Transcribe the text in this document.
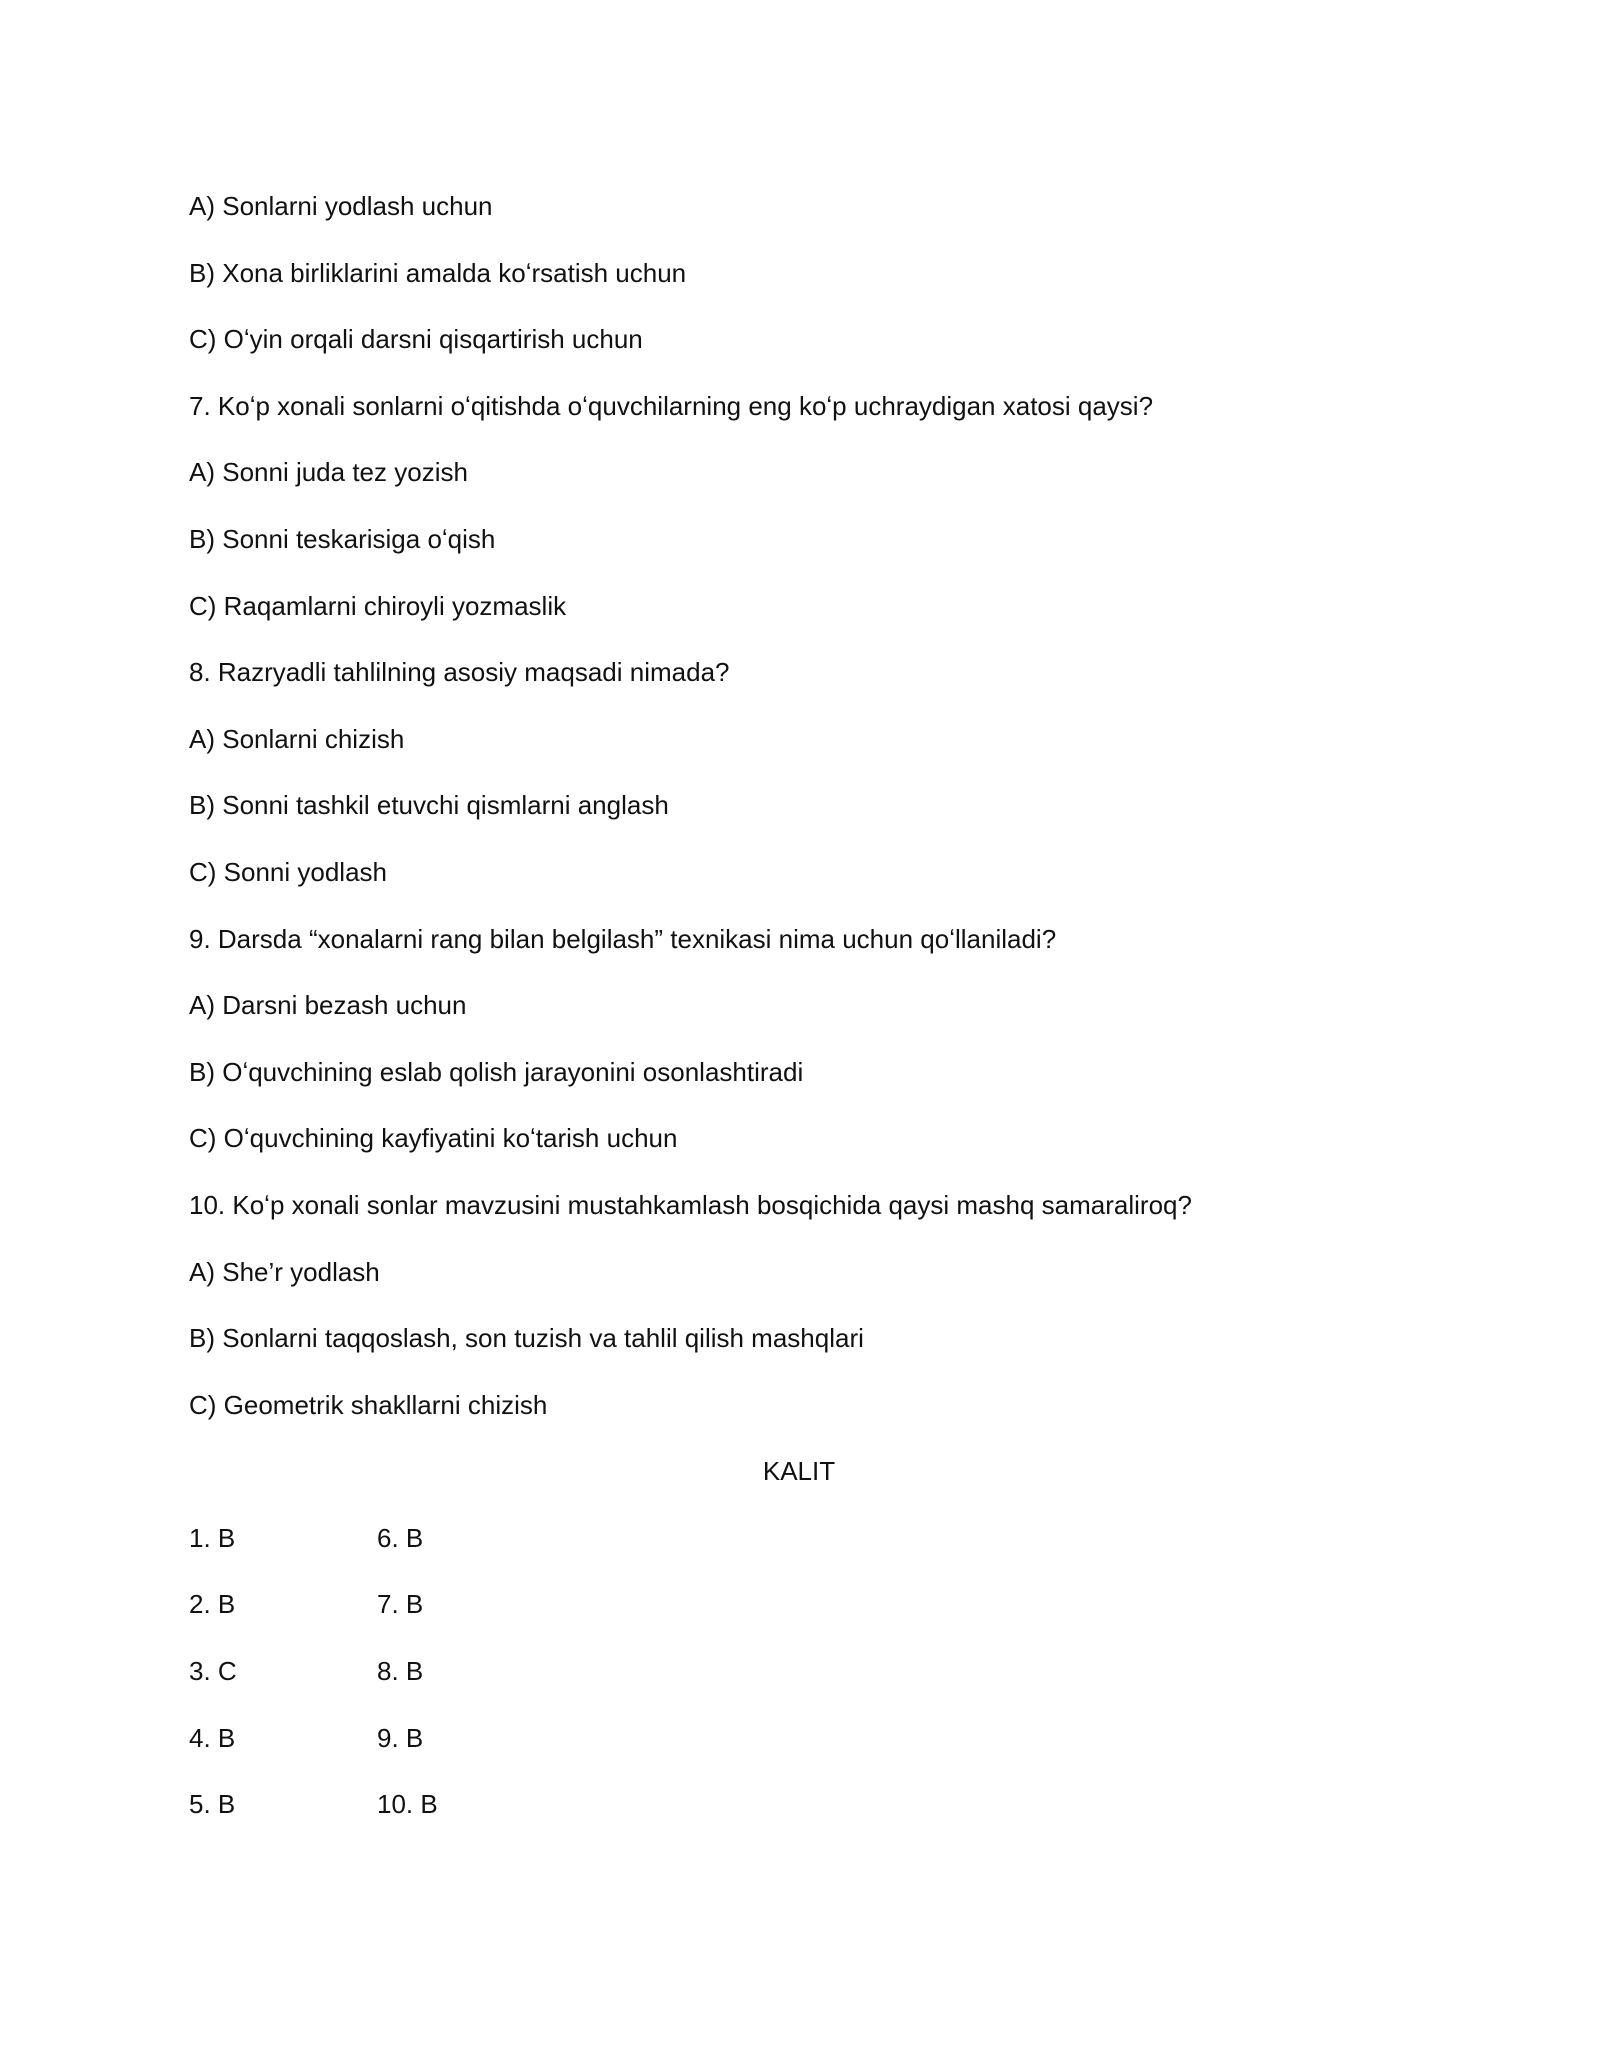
A) Sonlarni yodlash uchun
B) Xona birliklarini amalda koʻrsatish uchun
C) Oʻyin orqali darsni qisqartirish uchun
7. Koʻp xonali sonlarni oʻqitishda oʻquvchilarning eng koʻp uchraydigan xatosi qaysi?
A) Sonni juda tez yozish
B) Sonni teskarisiga oʻqish
C) Raqamlarni chiroyli yozmaslik
8. Razryadli tahlilning asosiy maqsadi nimada?
A) Sonlarni chizish
B) Sonni tashkil etuvchi qismlarni anglash
C) Sonni yodlash
9. Darsda “xonalarni rang bilan belgilash” texnikasi nima uchun qoʻllaniladi?
A) Darsni bezash uchun
B) Oʻquvchining eslab qolish jarayonini osonlashtiradi
C) Oʻquvchining kayfiyatini koʻtarish uchun
10. Koʻp xonali sonlar mavzusini mustahkamlash bosqichida qaysi mashq samaraliroq?
A) She’r yodlash
B) Sonlarni taqqoslash, son tuzish va tahlil qilish mashqlari
C) Geometrik shakllarni chizish
KALIT
1. B	6. B
2. B	7. B
3. C	8. B
4. B	9. B
5. B	10. B
